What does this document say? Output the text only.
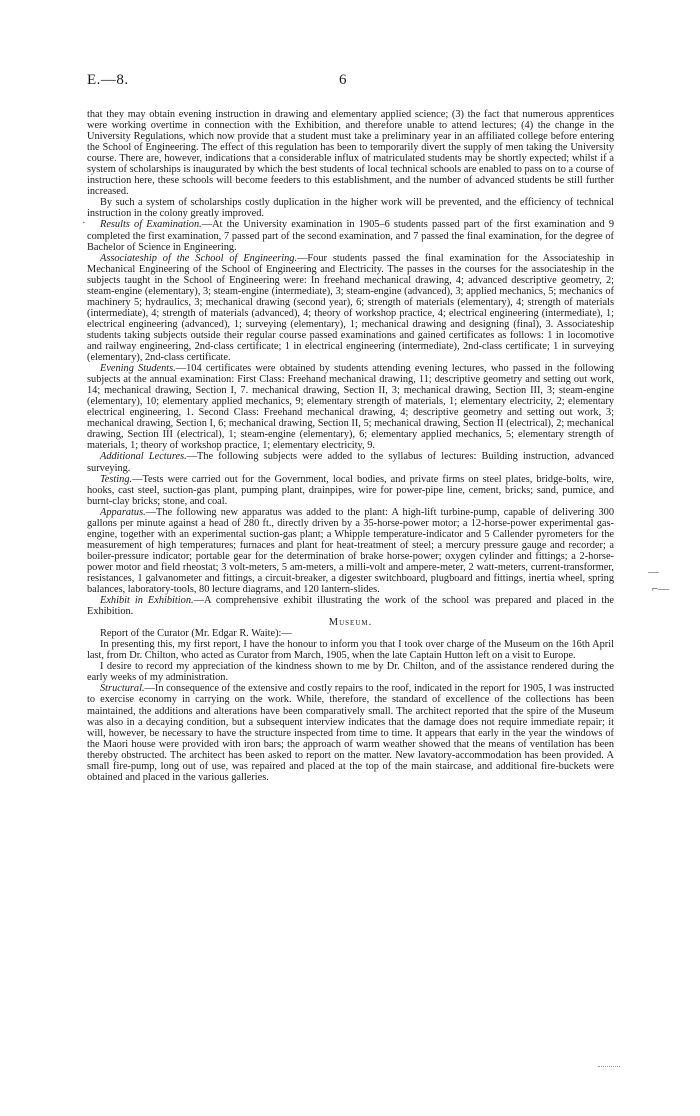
E.—8.	6
·
—
⌐—

that they may obtain evening instruction in drawing and elementary applied science; (3) the fact that numerous apprentices were working overtime in connection with the Exhibition, and therefore unable to attend lectures; (4) the change in the University Regulations, which now provide that a student must take a preliminary year in an affiliated college before entering the School of Engineering. The effect of this regulation has been to temporarily divert the supply of men taking the University course. There are, however, indications that a considerable influx of matriculated students may be shortly expected; whilst if a system of scholarships is inaugurated by which the best students of local technical schools are enabled to pass on to a course of instruction here, these schools will become feeders to this establishment, and the number of advanced students be still further increased.

By such a system of scholarships costly duplication in the higher work will be prevented, and the efficiency of technical instruction in the colony greatly improved.

Results of Examination.—At the University examination in 1905–6 students passed part of the first examination and 9 completed the first examination, 7 passed part of the second examination, and 7 passed the final examination, for the degree of Bachelor of Science in Engineering.

Associateship of the School of Engineering.—Four students passed the final examination for the Associateship in Mechanical Engineering of the School of Engineering and Electricity. The passes in the courses for the associateship in the subjects taught in the School of Engineering were: In freehand mechanical drawing, 4; advanced descriptive geometry, 2; steam-engine (elementary), 3; steam-engine (intermediate), 3; steam-engine (advanced), 3; applied mechanics, 5; mechanics of machinery 5; hydraulics, 3; mechanical drawing (second year), 6; strength of materials (elementary), 4; strength of materials (intermediate), 4; strength of materials (advanced), 4; theory of workshop practice, 4; electrical engineering (intermediate), 1; electrical engineering (advanced), 1; surveying (elementary), 1; mechanical drawing and designing (final), 3. Associateship students taking subjects outside their regular course passed examinations and gained certificates as follows: 1 in locomotive and railway engineering, 2nd-class certificate; 1 in electrical engineering (intermediate), 2nd-class certificate; 1 in surveying (elementary), 2nd-class certificate.

Evening Students.—104 certificates were obtained by students attending evening lectures, who passed in the following subjects at the annual examination: First Class: Freehand mechanical drawing, 11; descriptive geometry and setting out work, 14; mechanical drawing, Section I, 7. mechanical drawing, Section II, 3; mechanical drawing, Section III, 3; steam-engine (elementary), 10; elementary applied mechanics, 9; elementary strength of materials, 1; elementary electricity, 2; elementary electrical engineering, 1. Second Class: Freehand mechanical drawing, 4; descriptive geometry and setting out work, 3; mechanical drawing, Section I, 6; mechanical drawing, Section II, 5; mechanical drawing, Section II (electrical), 2; mechanical drawing, Section III (electrical), 1; steam-engine (elementary), 6; elementary applied mechanics, 5; elementary strength of materials, 1; theory of workshop practice, 1; elementary electricity, 9.

Additional Lectures.—The following subjects were added to the syllabus of lectures: Building instruction, advanced surveying.

Testing.—Tests were carried out for the Government, local bodies, and private firms on steel plates, bridge-bolts, wire, hooks, cast steel, suction-gas plant, pumping plant, drainpipes, wire for power-pipe line, cement, bricks; sand, pumice, and burnt-clay bricks; stone, and coal.

Apparatus.—The following new apparatus was added to the plant: A high-lift turbine-pump, capable of delivering 300 gallons per minute against a head of 280 ft., directly driven by a 35-horse-power motor; a 12-horse-power experimental gas-engine, together with an experimental suction-gas plant; a Whipple temperature-indicator and 5 Callender pyrometers for the measurement of high temperatures; furnaces and plant for heat-treatment of steel; a mercury pressure gauge and recorder; a boiler-pressure indicator; portable gear for the determination of brake horse-power; oxygen cylinder and fittings; a 2-horse-power motor and field rheostat; 3 volt-meters, 5 am-meters, a milli-volt and ampere-meter, 2 watt-meters, current-transformer, resistances, 1 galvanometer and fittings, a circuit-breaker, a digester switchboard, plugboard and fittings, inertia wheel, spring balances, laboratory-tools, 80 lecture diagrams, and 120 lantern-slides.

Exhibit in Exhibition.—A comprehensive exhibit illustrating the work of the school was prepared and placed in the Exhibition.

Museum.

Report of the Curator (Mr. Edgar R. Waite):—

In presenting this, my first report, I have the honour to inform you that I took over charge of the Museum on the 16th April last, from Dr. Chilton, who acted as Curator from March, 1905, when the late Captain Hutton left on a visit to Europe.

I desire to record my appreciation of the kindness shown to me by Dr. Chilton, and of the assistance rendered during the early weeks of my administration.

Structural.—In consequence of the extensive and costly repairs to the roof, indicated in the report for 1905, I was instructed to exercise economy in carrying on the work. While, therefore, the standard of excellence of the collections has been maintained, the additions and alterations have been comparatively small. The architect reported that the spire of the Museum was also in a decaying condition, but a subsequent interview indicates that the damage does not require immediate repair; it will, however, be necessary to have the structure inspected from time to time. It appears that early in the year the windows of the Maori house were provided with iron bars; the approach of warm weather showed that the means of ventilation has been thereby obstructed. The architect has been asked to report on the matter. New lavatory-accommodation has been provided. A small fire-pump, long out of use, was repaired and placed at the top of the main staircase, and additional fire-buckets were obtained and placed in the various galleries.
